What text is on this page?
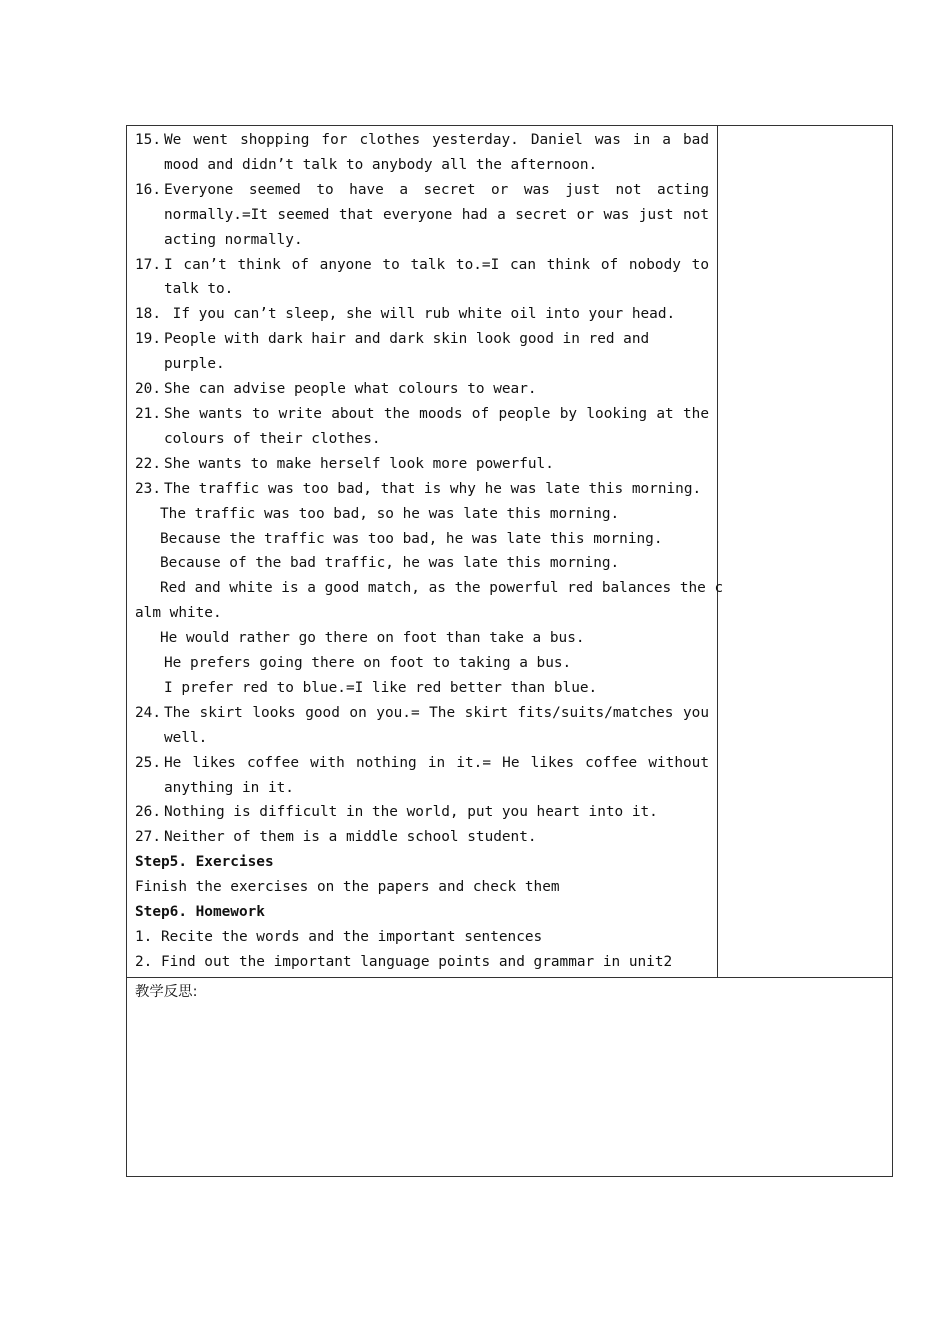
15. We went shopping for clothes yesterday. Daniel was in a bad mood and didn’t talk to anybody all the afternoon.
16. Everyone seemed to have a secret or was just not acting normally.=It seemed that everyone had a secret or was just not acting normally.
17. I can’t think of anyone to talk to.=I can think of nobody to talk to.
18. If you can’t sleep, she will rub white oil into your head.
19. People with dark hair and dark skin look good in red and purple.
20. She can advise people what colours to wear.
21. She wants to write about the moods of people by looking at the colours of their clothes.
22. She wants to make herself look more powerful.
23. The traffic was too bad, that is why he was late this morning.
The traffic was too bad, so he was late this morning.
Because the traffic was too bad, he was late this morning.
Because of the bad traffic, he was late this morning.
Red and white is a good match, as the powerful red balances the c
alm white.
He would rather go there on foot than take a bus.
He prefers going there on foot to taking a bus.
I prefer red to blue.=I like red better than blue.
24. The skirt looks good on you.= The skirt fits/suits/matches you well.
25. He likes coffee with nothing in it.= He likes coffee without anything in it.
26. Nothing is difficult in the world, put you heart into it.
27. Neither of them is a middle school student.
Step5. Exercises
Finish the exercises on the papers and check them
Step6. Homework
1. Recite the words and the important sentences
2. Find out the important language points and grammar in unit2

教学反思:
